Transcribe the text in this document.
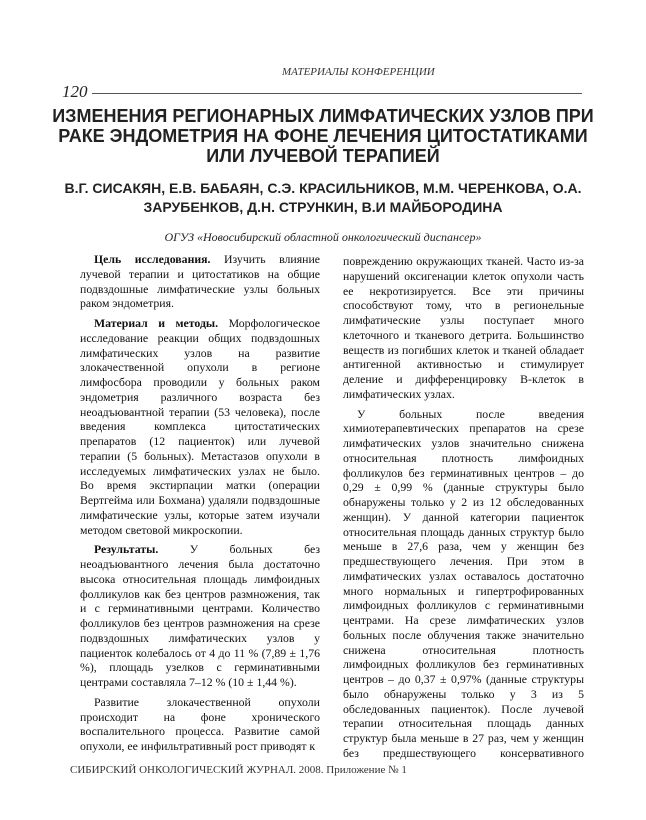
МАТЕРИАЛЫ КОНФЕРЕНЦИИ
120
ИЗМЕНЕНИЯ РЕГИОНАРНЫХ ЛИМФАТИЧЕСКИХ УЗЛОВ ПРИ РАКЕ ЭНДОМЕТРИЯ НА ФОНЕ ЛЕЧЕНИЯ ЦИТОСТАТИКАМИ ИЛИ ЛУЧЕВОЙ ТЕРАПИЕЙ
В.Г. СИСАКЯН, Е.В. БАБАЯН, С.Э. КРАСИЛЬНИКОВ, М.М. ЧЕРЕНКОВА, О.А. ЗАРУБЕНКОВ, Д.Н. СТРУНКИН, В.И МАЙБОРОДИНА
ОГУЗ «Новосибирский областной онкологический диспансер»

Цель исследования. Изучить влияние лучевой терапии и цитостатиков на общие подвздошные лимфатические узлы больных раком эндометрия.

Материал и методы. Морфологическое исследование реакции общих подвздошных лимфатических узлов на развитие злокачественной опухоли в регионе лимфосбора проводили у больных раком эндометрия различного возраста без неоадъювантной терапии (53 человека), после введения комплекса цитостатических препаратов (12 пациенток) или лучевой терапии (5 больных). Метастазов опухоли в исследуемых лимфатических узлах не было. Во время экстирпации матки (операции Вертгейма или Бохмана) удаляли подвздошные лимфатические узлы, которые затем изучали методом световой микроскопии.

Результаты. У больных без неоадъювантного лечения была достаточно высока относительная площадь лимфоидных фолликулов как без центров размножения, так и с герминативными центрами. Количество фолликулов без центров размножения на срезе подвздошных лимфатических узлов у пациенток колебалось от 4 до 11 % (7,89 ± 1,76 %), площадь узелков с герминативными центрами составляла 7–12 % (10 ± 1,44 %).

Развитие злокачественной опухоли происходит на фоне хронического воспалительного процесса. Развитие самой опухоли, ее инфильтративный рост приводят к

повреждению окружающих тканей. Часто из-за нарушений оксигенации клеток опухоли часть ее некротизируется. Все эти причины способствуют тому, что в регионельные лимфатические узлы поступает много клеточного и тканевого детрита. Большинство веществ из погибших клеток и тканей обладает антигенной активностью и стимулирует деление и дифференцировку В-клеток в лимфатических узлах.

У больных после введения химиотерапевтических препаратов на срезе лимфатических узлов значительно снижена относительная плотность лимфоидных фолликулов без герминативных центров – до 0,29 ± 0,99 % (данные структуры было обнаружены только у 2 из 12 обследованных женщин). У данной категории пациенток относительная площадь данных структур было меньше в 27,6 раза, чем у женщин без предшествующего лечения. При этом в лимфатических узлах оставалось достаточно много нормальных и гипертрофированных лимфоидных фолликулов с герминативными центрами. На срезе лимфатических узлов больных после облучения также значительно снижена относительная плотность лимфоидных фолликулов без герминативных центров – до 0,37 ± 0,97% (данные структуры было обнаружены только у 3 из 5 обследованных пациенток). После лучевой терапии относительная площадь данных структур была меньше в 27 раз, чем у женщин без предшествующего консервативного

СИБИРСКИЙ ОНКОЛОГИЧЕСКИЙ ЖУРНАЛ. 2008. Приложение № 1
